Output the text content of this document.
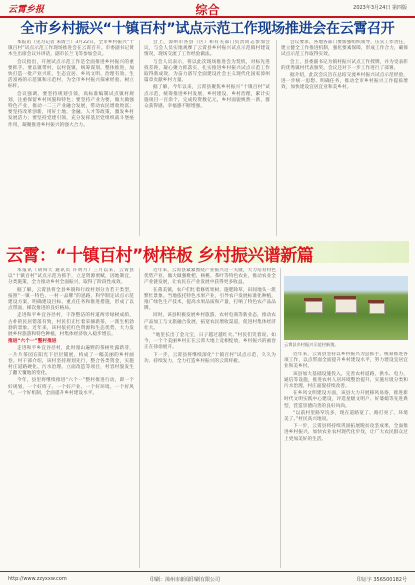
云霄乡报	综合	2023年3月24日 第四版
全市乡村振兴“十镇百村”试点示范工作现场推进会在云霄召开

本报讯（见习记者 朱倩兰）3月22日，全市乡村振兴“十镇百村”试点示范工作现场推进会在云霄召开。市委副书记黄木生出席会议并讲话，副市长兰飞等参加会议。

会议指出，开展试点示范工作是全面推进乡村振兴的重要抓手。要以镇带村、以村促镇，统筹谋划、整体推进，加快打造一批产业兴旺、生态宜居、乡风文明、治理有效、生活富裕的示范镇和示范村，为全市乡村振兴探索经验、树立标杆。

会议强调，要坚持规划引领，高标准编制试点镇村规划，注重保留乡村风貌和特色；要坚持产业为要，做大做强特色产业，推动一二三产业融合发展，带动农民增收致富；要坚持改革创新，用好土地、金融、人才等政策，激发乡村发展活力；要坚持党建引领，充分发挥基层党组织战斗堡垒作用，凝聚推进乡村振兴的强大合力。

会上，漳州市各县（区）和有关部门负责同志参加会议，与会人员实地观摩了云霄县乡村振兴试点示范镇村建设情况，现场交流了工作经验做法。

与会人员表示，将以此次现场推进会为契机，对标先进找差距，凝心聚力抓落实，扎实推进乡村振兴试点示范工作取得新成效，为奋力谱写全面建设社会主义现代化国家漳州篇章贡献乡村力量。

据了解，今年以来，云霄县聚焦乡村振兴“十镇百村”试点示范，统筹推进乡村发展、乡村建设、乡村治理，累计实施项目一百余个，完成投资数亿元，乡村面貌焕然一新，群众获得感、幸福感不断增强。

会议要求，各地各部门要加强组织领导，压实工作责任，建立健全工作推进机制，强化要素保障，形成工作合力，确保试点示范工作取得实效。

会上，县委副书记为镇村振兴试点工作授牌，并为受表彰的优秀镇村代表颁奖。会议还对下一步工作进行了部署。

据介绍，此次会议旨在总结交流乡村振兴试点示范经验，进一步统一思想、明确任务，推动全市乡村振兴工作提质增效，加快建设宜居宜业和美乡村。

云霄：“十镇百村”树样板 乡村振兴谱新篇

本报讯（胡舜天 通讯员 许明月）三月以来，云霄县以“十镇百村”试点示范为抓手，立足资源禀赋，因地制宜，分类施策，全力推动乡村全面振兴，取得了阶段性成效。

据了解，云霄县将全县乡镇和行政村划分为若干类型，按照“一镇一特色、一村一品牌”的思路，科学制定试点示范建设方案，明确建设目标、重点任务和推进措施，形成了以点带面、梯次推进的良好格局。

走进和平乡宜谷径村，干净整洁的村道两旁绿树成荫，古朴的民居错落有致，村民们正忙着采摘新茶，一派生机勃勃的景象。近年来，该村依托红色资源和生态优势，大力发展乡村旅游和特色种植，村集体经济收入稳步增长。

推进“六个一”整村推进

走进和平乡宜谷径村，此时漫山遍野的茶树吐露新芽，一片片茶园在阳光下层层铺展，构成了一幅美丽的乡村画卷。村干部介绍，该村坚持规划先行，整合各类资金，实施村庄道路硬化、污水治理、立面改造等项目，村容村貌发生了翻天覆地的变化。

今年，县里将继续推进“六个一”整村推进行动，即一个好规划、一个好班子、一个好产业、一个好环境、一个好风气、一个好机制，全面提升乡村建设水平。

近年来，云霄县紧紧围绕产业振兴这一关键，大力培育特色优势产业，做大做强枇杷、杨桃、茶叶等特色农业，推动农业全产业链发展，让农民在产业发展中获得更多收益。

在莆美镇，农户们忙着修剪果树、施肥除草，田间地头一派繁忙景象。当地依托特色水果产业，引导农户发展标准化种植，推广绿色生产技术，提高水果品质和产量，打响了特色农产品品牌。

同时，该县积极发展乡村旅游、农村电商等新业态，推动农产品加工与文旅融合发展，拓宽农民增收渠道，促进村集体经济壮大。

“地里长出了金元宝，日子越过越红火。”村民们笑着说。如今，一个个美丽乡村正在云霄大地上竞相绽放，乡村振兴的画卷正在徐徐展开。

下一步，云霄县将继续深化“十镇百村”试点示范，久久为功、持续发力，全力打造乡村振兴的云霄样板。

云霄县乡村振兴示范村新貌。

近年来，云霄县坚持以乡村振兴为总抓手，统筹推进各项工作，以点带面全面提升乡村建设水平，努力建设宜居宜业和美乡村。

该县加大基础设施投入，完善农村道路、供水、电力、通信等设施，推进农村人居环境整治提升，实施垃圾分类和污水治理，村庄面貌持续改善。

在乡风文明建设方面，该县大力开展移风易俗，推进新时代文明实践中心建设，评选星级文明户、好婆媳等先进典型，营造崇德向善的良好风尚。

“以前村里路窄坑多，现在道路宽了、路灯亮了、环境美了。”村民高兴地说。

下一步，云霄县将持续巩固拓展脱贫攻坚成果，全面推进乡村振兴，加快农业农村现代化步伐，让广大农民群众过上更加美好的生活。

http://www.zzyxxw.com	印刷：漳州市新闻印刷有限公司	印证字 356500182号
